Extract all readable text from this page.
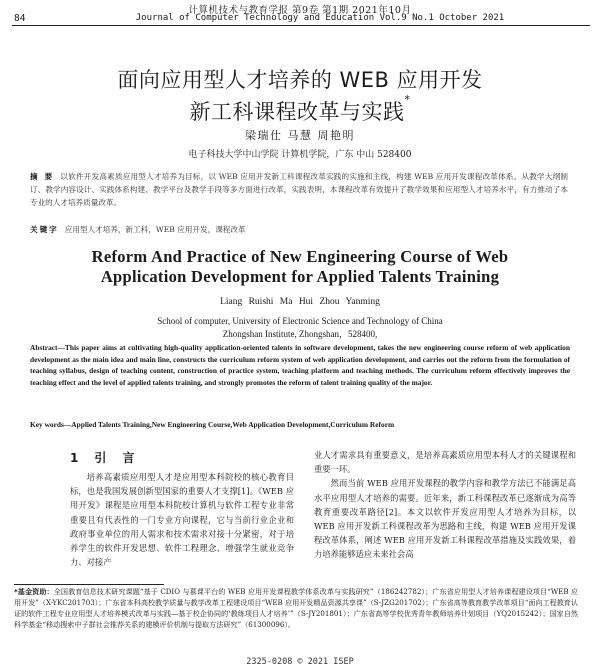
计算机技术与教育学报 第9卷 第1期 2021年10月
84	Journal of Computer Technology and Education Vol.9 No.1 October 2021
面向应用型人才培养的 WEB 应用开发
新工科课程改革与实践*
梁瑞仕 马慧 周艳明
电子科技大学中山学院 计算机学院，广东 中山 528400
摘 要 以软件开发高素质应用型人才培养为目标，以 WEB 应用开发新工科课程改革实践的实施和主线，构建 WEB 应用开发课程改革体系。从教学大纲制订、教学内容设计、实践体系构建、教学平台及教学手段等多方面进行改革，实践表明，本课程改革有效提升了教学效果和应用型人才培养水平，有力推动了本专业的人才培养质量改革。
关键字 应用型人才培养，新工科，WEB 应用开发，课程改革
Reform And Practice of New Engineering Course of Web
Application Development for Applied Talents Training
Liang Ruishi Ma Hui Zhou Yanming
School of computer, University of Electronic Science and Technology of China
Zhongshan Institute, Zhongshan，528400,
Abstract—This paper aims at cultivating high-quality application-oriented talents in software development, takes the new engineering course reform of web application development as the main idea and main line, constructs the curriculum reform system of web application development, and carries out the reform from the formulation of teaching syllabus, design of teaching content, construction of practice system, teaching platform and teaching methods. The curriculum reform effectively improves the teaching effect and the level of applied talents training, and strongly promotes the reform of talent training quality of the major.
Key words—Applied Talents Training,New Engineering Course,Web Application Development,Curriculum Reform
1 引 言

培养高素质应用型人才是应用型本科院校的核心教育目标，也是我国发展创新型国家的重要人才支撑[1]。《WEB 应用开发》课程是应用型本科院校计算机与软件工程专业非常重要且有代表性的一门专业方向课程，它与当前行业企业和政府事业单位的用人需求和技术需求对接十分紧密，对于培养学生的软件开发思想、软件工程理念、增强学生就业竞争力、对接产

业人才需求具有重要意义，是培养高素质应用型本科人才的关键课程和重要一环。

然而当前 WEB 应用开发课程的教学内容和教学方法已不能满足高水平应用型人才培养的需要。近年来，新工科课程改革已逐渐成为高等教育重要改革路径[2]。本文以软件开发应用型人才培养为目标，以 WEB 应用开发新工科课程改革为思路和主线，构建 WEB 应用开发课程改革体系，阐述 WEB 应用开发新工科课程改革措施及实践效果，着力培养能够适应未来社会高

*基金资助：全国教育信息技术研究课题“基于 CDIO 与慕课平台的 WEB 应用开发课程教学体系改革与实践研究”（186242782）；广东省应用型人才培养课程建设项目“WEB 应用开发”（X-YKC201703）；广东省本科高校教学质量与教学改革工程建设项目“WEB 应用开发精品资源共享课”（S-JZG201702）；广东省高等教育教学改革项目“面向工程教育认证的软件工程专业应用型人才培养模式改革与实践—基于校企协同的‘教练项目人才培养’”（S-JY201801）；广东省高等学校优秀青年教师培养计划项目（YQ2015242）；国家自然科学基金“移动搜索中子群社会推荐关系的建模评价机制与提取方法研究”（61300096）。
2325-0208 © 2021 ISEP
